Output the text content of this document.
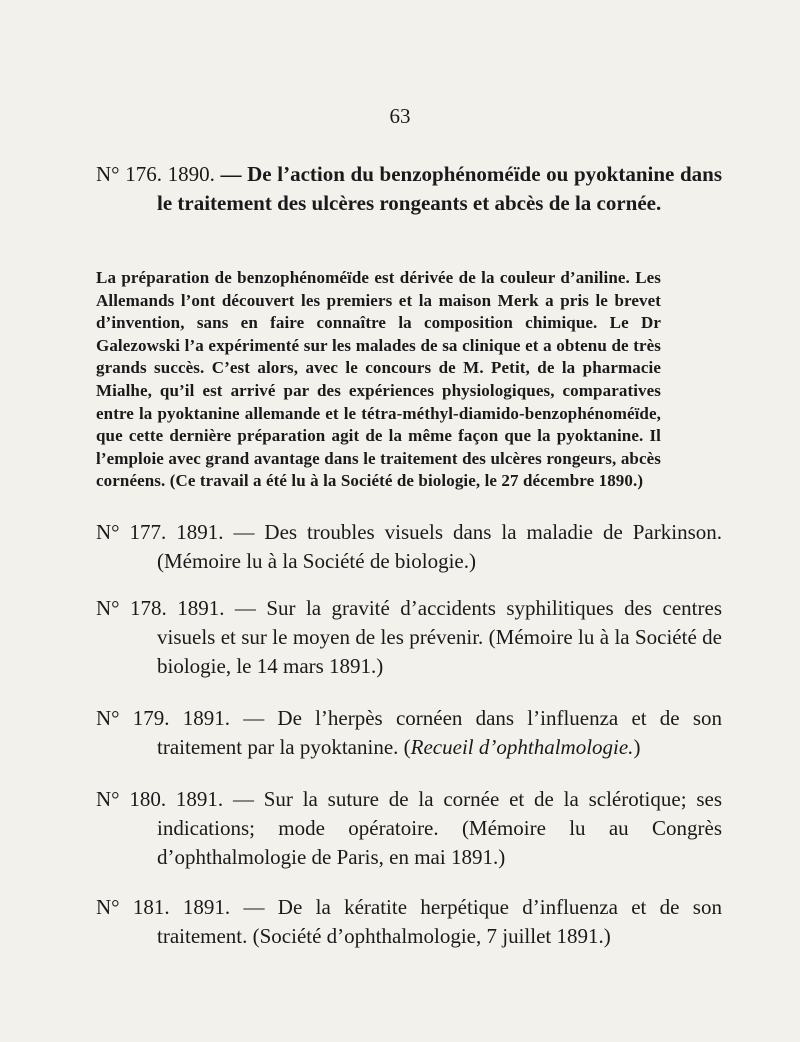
63
N° 176. 1890. — De l’action du benzophénoméïde ou pyoktanine dans le traitement des ulcères rongeants et abcès de la cornée.
La préparation de benzophénoméïde est dérivée de la couleur d’aniline. Les Allemands l’ont découvert les premiers et la maison Merk a pris le brevet d’invention, sans en faire connaître la composition chimique. Le Dr Galezowski l’a expérimenté sur les malades de sa clinique et a obtenu de très grands succès. C’est alors, avec le concours de M. Petit, de la pharmacie Mialhe, qu’il est arrivé par des expériences physiologiques, comparatives entre la pyoktanine allemande et le tétra-méthyl-diamido-benzophénoméïde, que cette dernière préparation agit de la même façon que la pyoktanine. Il l’emploie avec grand avantage dans le traitement des ulcères rongeurs, abcès cornéens. (Ce travail a été lu à la Société de biologie, le 27 décembre 1890.)
N° 177. 1891. — Des troubles visuels dans la maladie de Parkinson. (Mémoire lu à la Société de biologie.)
N° 178. 1891. — Sur la gravité d’accidents syphilitiques des centres visuels et sur le moyen de les prévenir. (Mémoire lu à la Société de biologie, le 14 mars 1891.)
N° 179. 1891. — De l’herpès cornéen dans l’influenza et de son traitement par la pyoktanine. (Recueil d’ophthalmologie.)
N° 180. 1891. — Sur la suture de la cornée et de la sclérotique; ses indications; mode opératoire. (Mémoire lu au Congrès d’ophthalmologie de Paris, en mai 1891.)
N° 181. 1891. — De la kératite herpétique d’influenza et de son traitement. (Société d’ophthalmologie, 7 juillet 1891.)
